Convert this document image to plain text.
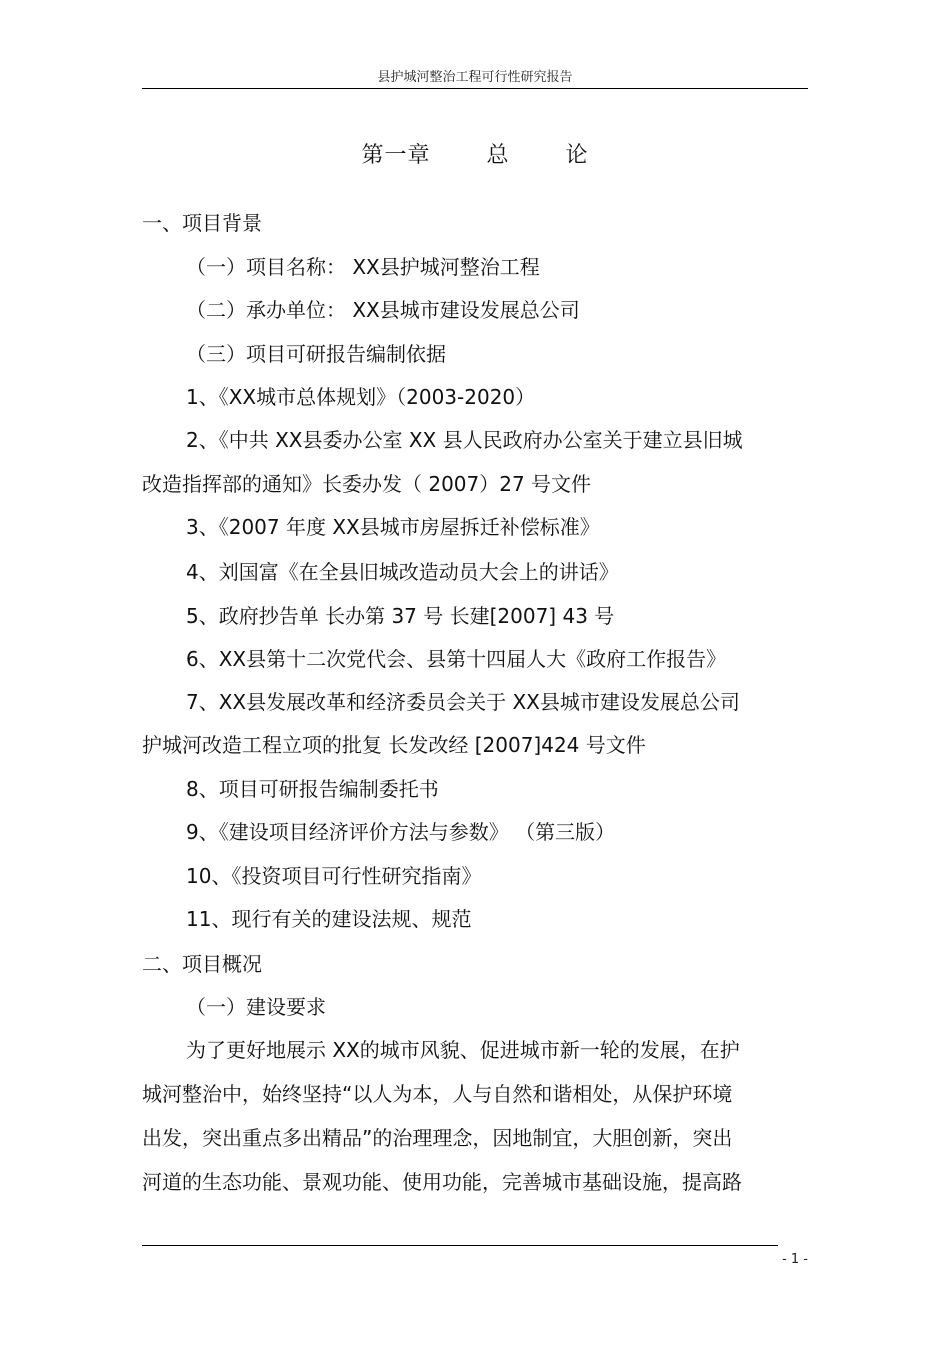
县护城河整治工程可行性研究报告
第一章	总	论
一、项目背景
（一）项目名称： XX县护城河整治工程
（二）承办单位： XX县城市建设发展总公司
（三）项目可研报告编制依据
1、《XX城市总体规划》（2003-2020）
2、《中共 XX县委办公室 XX 县人民政府办公室关于建立县旧城
改造指挥部的通知》长委办发（ 2007）27 号文件
3、《2007 年度 XX县城市房屋拆迁补偿标准》
4、刘国富《在全县旧城改造动员大会上的讲话》
5、政府抄告单 长办第 37 号 长建[2007] 43 号
6、XX县第十二次党代会、县第十四届人大《政府工作报告》
7、XX县发展改革和经济委员会关于 XX县城市建设发展总公司
护城河改造工程立项的批复 长发改经 [2007]424 号文件
8、项目可研报告编制委托书
9、《建设项目经济评价方法与参数》 （第三版）
10、《投资项目可行性研究指南》
11、现行有关的建设法规、规范
二、项目概况
（一）建设要求
为了更好地展示 XX的城市风貌、促进城市新一轮的发展，在护
城河整治中，始终坚持“以人为本，人与自然和谐相处，从保护环境
出发，突出重点多出精品”的治理理念，因地制宜，大胆创新，突出
河道的生态功能、景观功能、使用功能，完善城市基础设施，提高路
- 1 -
